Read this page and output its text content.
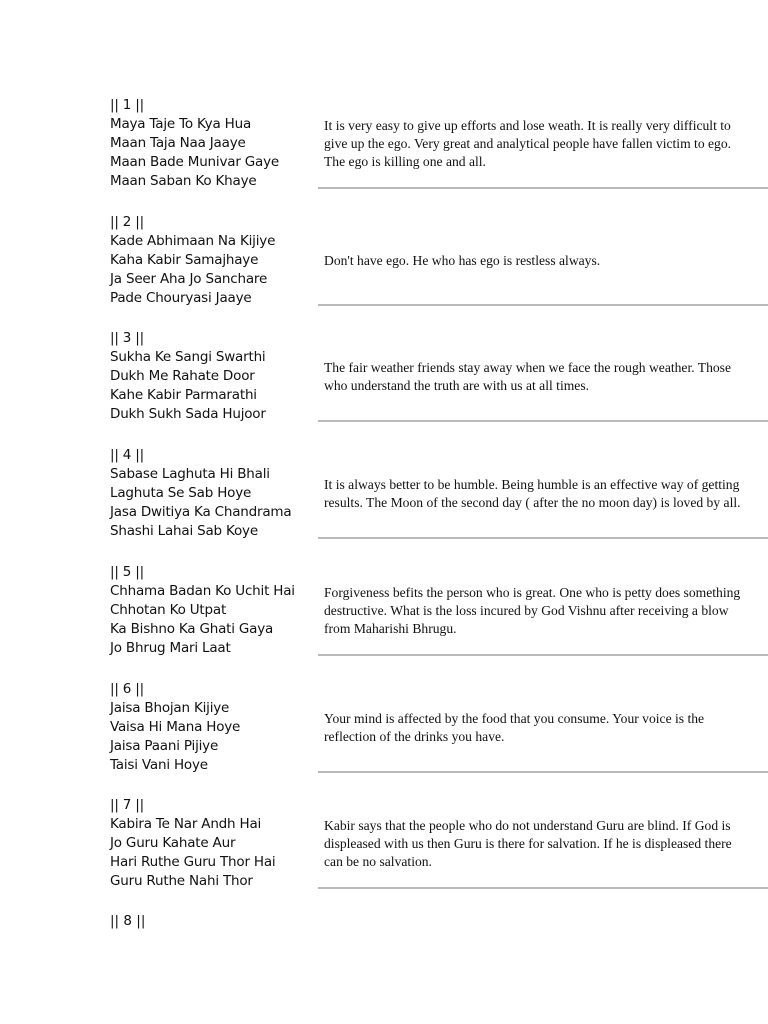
|| 1 ||
Maya Taje To Kya Hua
Maan Taja Naa Jaaye
Maan Bade Munivar Gaye
Maan Saban Ko Khaye
It is very easy to give up efforts and lose weath. It is really very difficult to give up the ego. Very great and analytical people have fallen victim to ego. The ego is killing one and all.
|| 2 ||
Kade Abhimaan Na Kijiye
Kaha Kabir Samajhaye
Ja Seer Aha Jo Sanchare
Pade Chouryasi Jaaye
Don't have ego. He who has ego is restless always.
|| 3 ||
Sukha Ke Sangi Swarthi
Dukh Me Rahate Door
Kahe Kabir Parmarathi
Dukh Sukh Sada Hujoor
The fair weather friends stay away when we face the rough weather. Those who understand the truth are with us at all times.
|| 4 ||
Sabase Laghuta Hi Bhali
Laghuta Se Sab Hoye
Jasa Dwitiya Ka Chandrama
Shashi Lahai Sab Koye
It is always better to be humble. Being humble is an effective way of getting results. The Moon of the second day ( after the no moon day) is loved by all.
|| 5 ||
Chhama Badan Ko Uchit Hai
Chhotan Ko Utpat
Ka Bishno Ka Ghati Gaya
Jo Bhrug Mari Laat
Forgiveness befits the person who is great. One who is petty does something destructive. What is the loss incured by God Vishnu after receiving a blow from Maharishi Bhrugu.
|| 6 ||
Jaisa Bhojan Kijiye
Vaisa Hi Mana Hoye
Jaisa Paani Pijiye
Taisi Vani Hoye
Your mind is affected by the food that you consume. Your voice is the reflection of the drinks you have.
|| 7 ||
Kabira Te Nar Andh Hai
Jo Guru Kahate Aur
Hari Ruthe Guru Thor Hai
Guru Ruthe Nahi Thor
Kabir says that the people who do not understand Guru are blind. If God is displeased with us then Guru is there for salvation. If he is displeased there can be no salvation.
|| 8 ||
